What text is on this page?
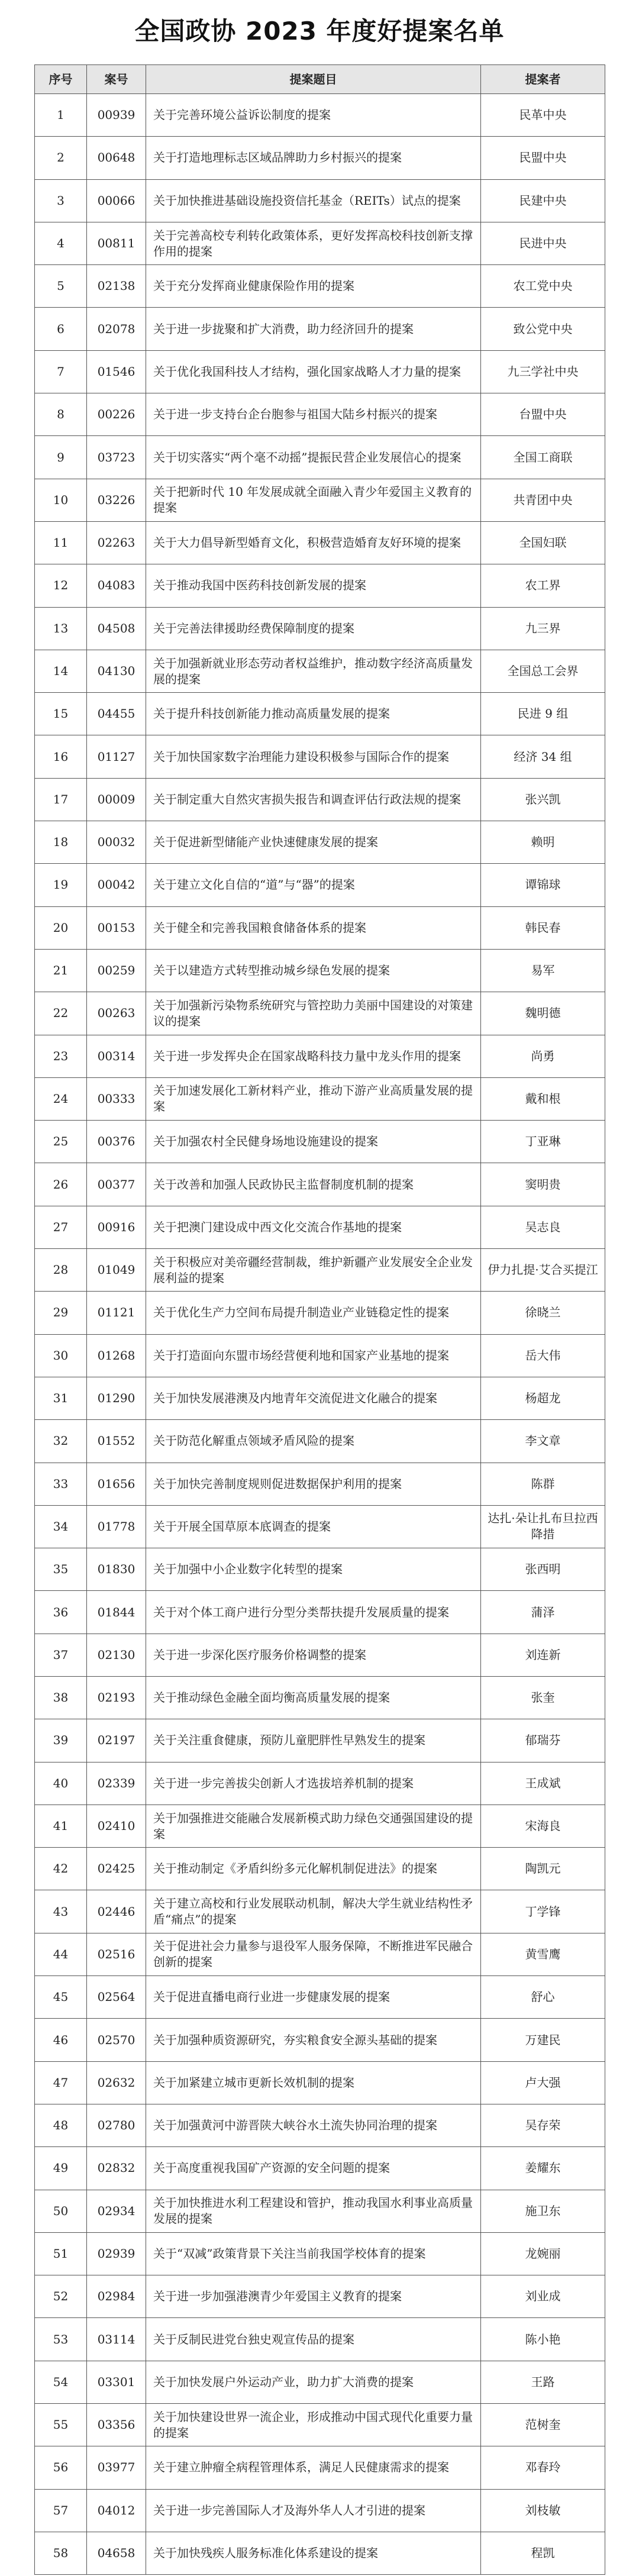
全国政协 2023 年度好提案名单
序号	案号	提案题目	提案者
1	00939	关于完善环境公益诉讼制度的提案	民革中央
2	00648	关于打造地理标志区域品牌助力乡村振兴的提案	民盟中央
3	00066	关于加快推进基础设施投资信托基金（REITs）试点的提案	民建中央
4	00811	关于完善高校专利转化政策体系，更好发挥高校科技创新支撑作用的提案	民进中央
5	02138	关于充分发挥商业健康保险作用的提案	农工党中央
6	02078	关于进一步拢聚和扩大消费，助力经济回升的提案	致公党中央
7	01546	关于优化我国科技人才结构，强化国家战略人才力量的提案	九三学社中央
8	00226	关于进一步支持台企台胞参与祖国大陆乡村振兴的提案	台盟中央
9	03723	关于切实落实“两个毫不动摇”提振民营企业发展信心的提案	全国工商联
10	03226	关于把新时代 10 年发展成就全面融入青少年爱国主义教育的提案	共青团中央
11	02263	关于大力倡导新型婚育文化，积极营造婚育友好环境的提案	全国妇联
12	04083	关于推动我国中医药科技创新发展的提案	农工界
13	04508	关于完善法律援助经费保障制度的提案	九三界
14	04130	关于加强新就业形态劳动者权益维护，推动数字经济高质量发展的提案	全国总工会界
15	04455	关于提升科技创新能力推动高质量发展的提案	民进 9 组
16	01127	关于加快国家数字治理能力建设积极参与国际合作的提案	经济 34 组
17	00009	关于制定重大自然灾害损失报告和调查评估行政法规的提案	张兴凯
18	00032	关于促进新型储能产业快速健康发展的提案	赖明
19	00042	关于建立文化自信的“道”与“器”的提案	谭锦球
20	00153	关于健全和完善我国粮食储备体系的提案	韩民春
21	00259	关于以建造方式转型推动城乡绿色发展的提案	易军
22	00263	关于加强新污染物系统研究与管控助力美丽中国建设的对策建议的提案	魏明德
23	00314	关于进一步发挥央企在国家战略科技力量中龙头作用的提案	尚勇
24	00333	关于加速发展化工新材料产业，推动下游产业高质量发展的提案	戴和根
25	00376	关于加强农村全民健身场地设施建设的提案	丁亚琳
26	00377	关于改善和加强人民政协民主监督制度机制的提案	窦明贵
27	00916	关于把澳门建设成中西文化交流合作基地的提案	吴志良
28	01049	关于积极应对美帝疆经营制裁，维护新疆产业发展安全企业发展利益的提案	伊力扎提·艾合买提江
29	01121	关于优化生产力空间布局提升制造业产业链稳定性的提案	徐晓兰
30	01268	关于打造面向东盟市场经营便利地和国家产业基地的提案	岳大伟
31	01290	关于加快发展港澳及内地青年交流促进文化融合的提案	杨超龙
32	01552	关于防范化解重点领域矛盾风险的提案	李文章
33	01656	关于加快完善制度规则促进数据保护利用的提案	陈群
34	01778	关于开展全国草原本底调查的提案	达扎·朵让扎布旦拉西降措
35	01830	关于加强中小企业数字化转型的提案	张西明
36	01844	关于对个体工商户进行分型分类帮扶提升发展质量的提案	蒲泽
37	02130	关于进一步深化医疗服务价格调整的提案	刘连新
38	02193	关于推动绿色金融全面均衡高质量发展的提案	张奎
39	02197	关于关注重食健康，预防儿童肥胖性早熟发生的提案	郁瑞芬
40	02339	关于进一步完善拔尖创新人才选拔培养机制的提案	王成斌
41	02410	关于加强推进交能融合发展新模式助力绿色交通强国建设的提案	宋海良
42	02425	关于推动制定《矛盾纠纷多元化解机制促进法》的提案	陶凯元
43	02446	关于建立高校和行业发展联动机制，解决大学生就业结构性矛盾“痛点”的提案	丁学锋
44	02516	关于促进社会力量参与退役军人服务保障，不断推进军民融合创新的提案	黄雪鹰
45	02564	关于促进直播电商行业进一步健康发展的提案	舒心
46	02570	关于加强种质资源研究，夯实粮食安全源头基础的提案	万建民
47	02632	关于加紧建立城市更新长效机制的提案	卢大强
48	02780	关于加强黄河中游晋陕大峡谷水土流失协同治理的提案	吴存荣
49	02832	关于高度重视我国矿产资源的安全问题的提案	姜耀东
50	02934	关于加快推进水利工程建设和管护，推动我国水利事业高质量发展的提案	施卫东
51	02939	关于“双减”政策背景下关注当前我国学校体育的提案	龙婉丽
52	02984	关于进一步加强港澳青少年爱国主义教育的提案	刘业成
53	03114	关于反制民进党台独史观宣传品的提案	陈小艳
54	03301	关于加快发展户外运动产业，助力扩大消费的提案	王路
55	03356	关于加快建设世界一流企业，形成推动中国式现代化重要力量的提案	范树奎
56	03977	关于建立肿瘤全病程管理体系，满足人民健康需求的提案	邓春玲
57	04012	关于进一步完善国际人才及海外华人人才引进的提案	刘枝敏
58	04658	关于加快残疾人服务标准化体系建设的提案	程凯
